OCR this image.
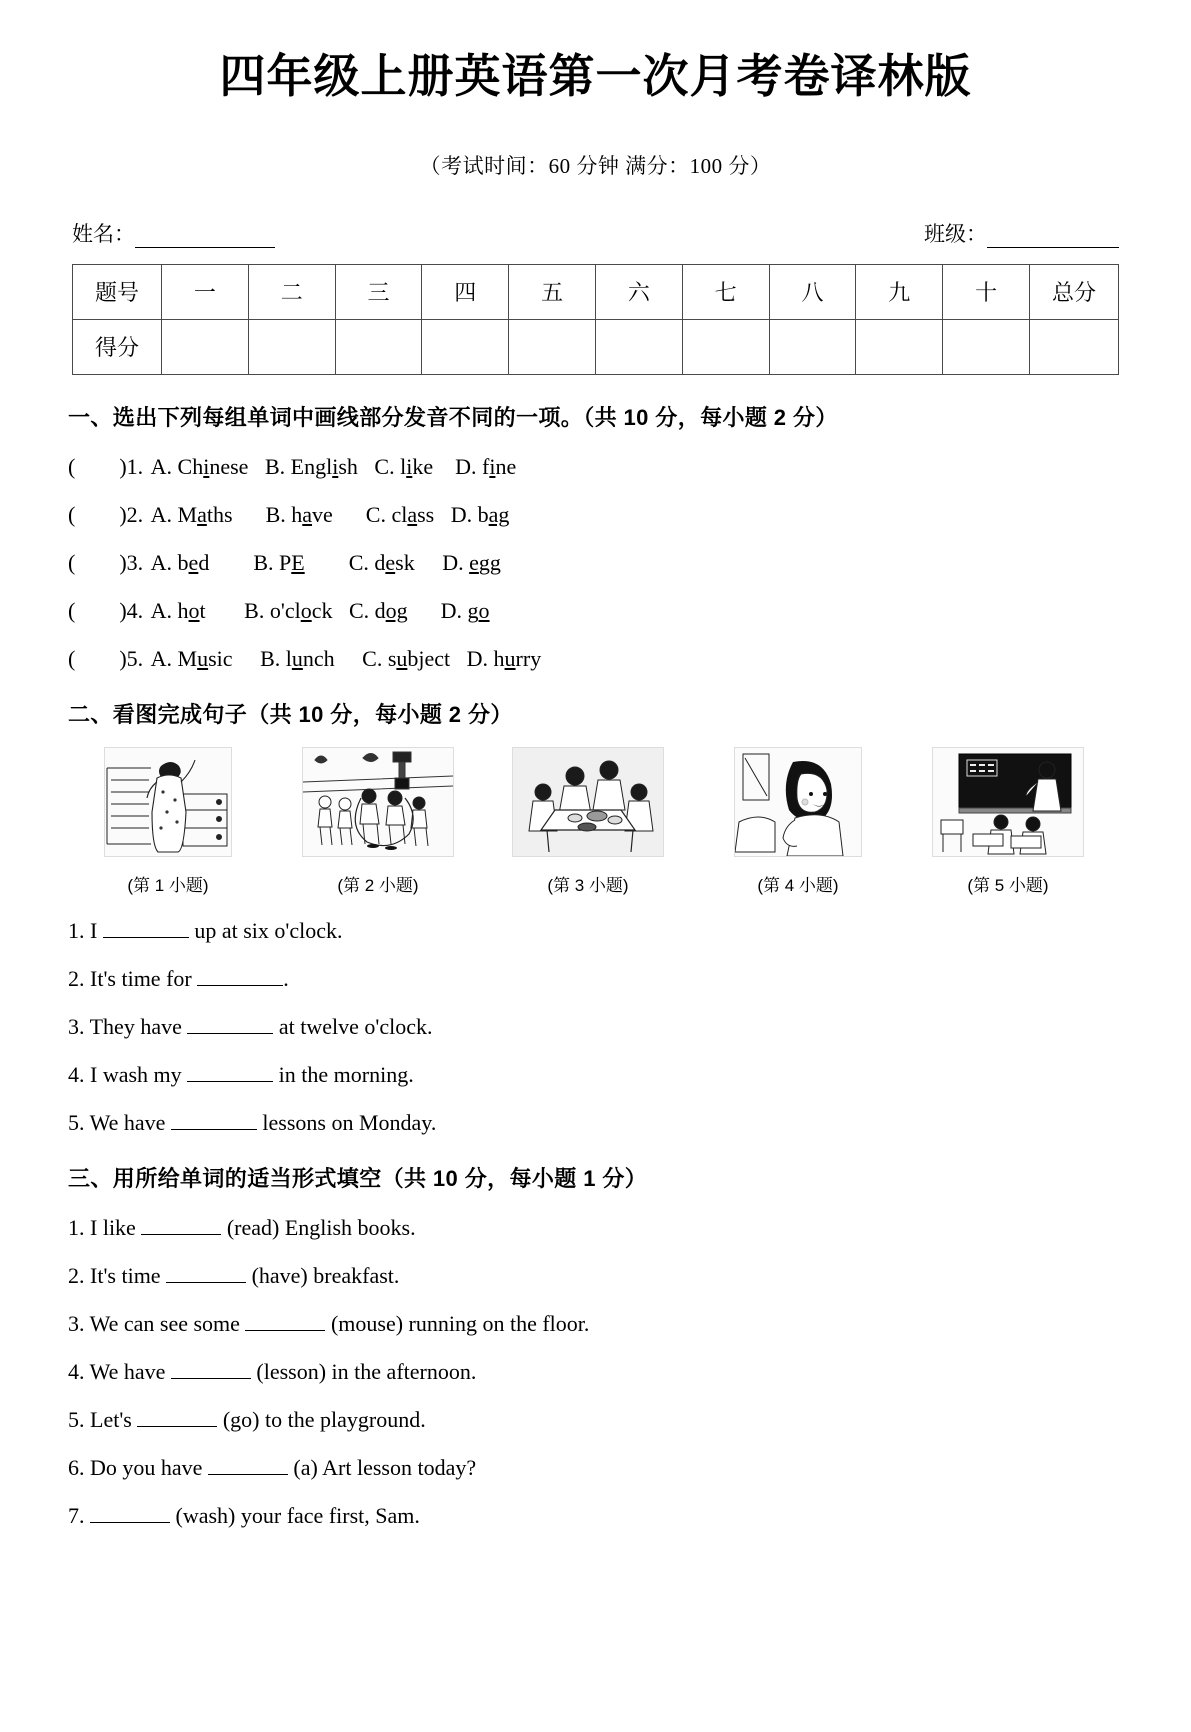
四年级上册英语第一次月考卷译林版
（考试时间：60 分钟 满分：100 分）
姓名：	班级：
题号	一	二	三	四	五	六	七	八	九	十	总分
得分											
一、选出下列每组单词中画线部分发音不同的一项。（共 10 分，每小题 2 分）
( )1. A. Chinese B. English C. like D. fine
( )2. A. Maths B. have C. class D. bag
( )3. A. bed B. PE C. desk D. egg
( )4. A. hot B. o'clock C. dog D. go
( )5. A. Music B. lunch C. subject D. hurry
二、看图完成句子（共 10 分，每小题 2 分）
(第 1 小题)	(第 2 小题)	(第 3 小题)	(第 4 小题)	(第 5 小题)
1. I	up at six o'clock.
2. It's time for	.
3. They have	at twelve o'clock.
4. I wash my	in the morning.
5. We have	lessons on Monday.
三、用所给单词的适当形式填空（共 10 分，每小题 1 分）
1. I like	(read) English books.
2. It's time	(have) breakfast.
3. We can see some	(mouse) running on the floor.
4. We have	(lesson) in the afternoon.
5. Let's	(go) to the playground.
6. Do you have	(a) Art lesson today?
7.	(wash) your face first, Sam.
